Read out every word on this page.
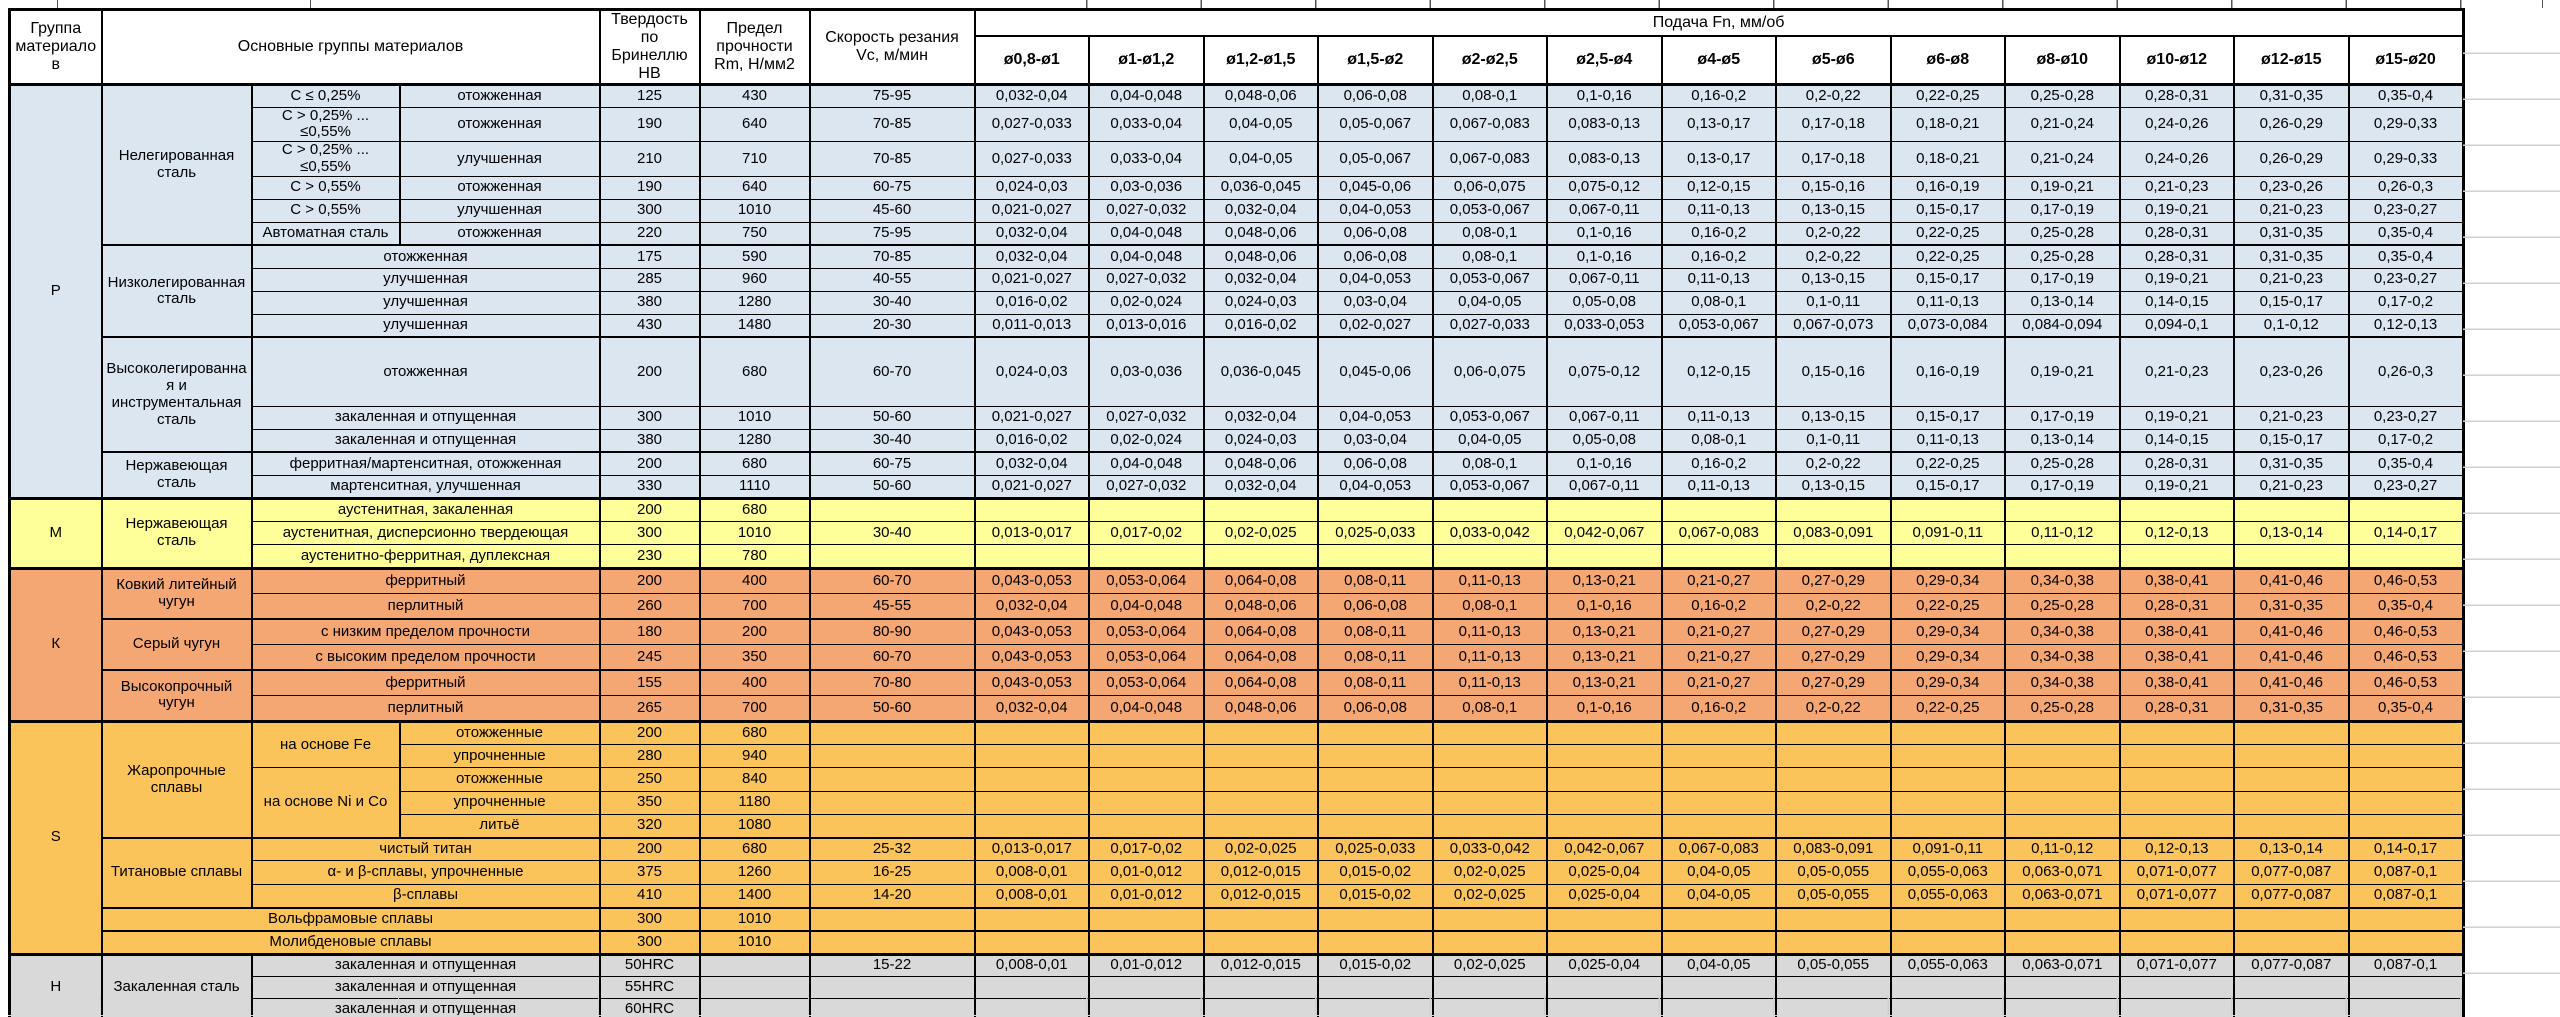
Группа материалов	Основные группы материалов			Твердость по Бринеллю НВ	Предел прочности Rm, Н/мм2	Скорость резания Vc, м/мин	Подача Fn, мм/об												
							ø0,8-ø1	ø1-ø1,2	ø1,2-ø1,5	ø1,5-ø2	ø2-ø2,5	ø2,5-ø4	ø4-ø5	ø5-ø6	ø6-ø8	ø8-ø10	ø10-ø12	ø12-ø15	ø15-ø20
P	Нелегированная сталь	C ≤ 0,25%	отожженная	125	430	75-95	0,032-0,04	0,04-0,048	0,048-0,06	0,06-0,08	0,08-0,1	0,1-0,16	0,16-0,2	0,2-0,22	0,22-0,25	0,25-0,28	0,28-0,31	0,31-0,35	0,35-0,4
		C > 0,25% ... ≤0,55%	отожженная	190	640	70-85	0,027-0,033	0,033-0,04	0,04-0,05	0,05-0,067	0,067-0,083	0,083-0,13	0,13-0,17	0,17-0,18	0,18-0,21	0,21-0,24	0,24-0,26	0,26-0,29	0,29-0,33
		C > 0,25% ... ≤0,55%	улучшенная	210	710	70-85	0,027-0,033	0,033-0,04	0,04-0,05	0,05-0,067	0,067-0,083	0,083-0,13	0,13-0,17	0,17-0,18	0,18-0,21	0,21-0,24	0,24-0,26	0,26-0,29	0,29-0,33
		C > 0,55%	отожженная	190	640	60-75	0,024-0,03	0,03-0,036	0,036-0,045	0,045-0,06	0,06-0,075	0,075-0,12	0,12-0,15	0,15-0,16	0,16-0,19	0,19-0,21	0,21-0,23	0,23-0,26	0,26-0,3
		C > 0,55%	улучшенная	300	1010	45-60	0,021-0,027	0,027-0,032	0,032-0,04	0,04-0,053	0,053-0,067	0,067-0,11	0,11-0,13	0,13-0,15	0,15-0,17	0,17-0,19	0,19-0,21	0,21-0,23	0,23-0,27
		Автоматная сталь	отожженная	220	750	75-95	0,032-0,04	0,04-0,048	0,048-0,06	0,06-0,08	0,08-0,1	0,1-0,16	0,16-0,2	0,2-0,22	0,22-0,25	0,25-0,28	0,28-0,31	0,31-0,35	0,35-0,4
	Низколегированная сталь	отожженная		175	590	70-85	0,032-0,04	0,04-0,048	0,048-0,06	0,06-0,08	0,08-0,1	0,1-0,16	0,16-0,2	0,2-0,22	0,22-0,25	0,25-0,28	0,28-0,31	0,31-0,35	0,35-0,4
		улучшенная		285	960	40-55	0,021-0,027	0,027-0,032	0,032-0,04	0,04-0,053	0,053-0,067	0,067-0,11	0,11-0,13	0,13-0,15	0,15-0,17	0,17-0,19	0,19-0,21	0,21-0,23	0,23-0,27
		улучшенная		380	1280	30-40	0,016-0,02	0,02-0,024	0,024-0,03	0,03-0,04	0,04-0,05	0,05-0,08	0,08-0,1	0,1-0,11	0,11-0,13	0,13-0,14	0,14-0,15	0,15-0,17	0,17-0,2
		улучшенная		430	1480	20-30	0,011-0,013	0,013-0,016	0,016-0,02	0,02-0,027	0,027-0,033	0,033-0,053	0,053-0,067	0,067-0,073	0,073-0,084	0,084-0,094	0,094-0,1	0,1-0,12	0,12-0,13
	Высоколегированная и инструментальная сталь	отожженная		200	680	60-70	0,024-0,03	0,03-0,036	0,036-0,045	0,045-0,06	0,06-0,075	0,075-0,12	0,12-0,15	0,15-0,16	0,16-0,19	0,19-0,21	0,21-0,23	0,23-0,26	0,26-0,3
		закаленная и отпущенная		300	1010	50-60	0,021-0,027	0,027-0,032	0,032-0,04	0,04-0,053	0,053-0,067	0,067-0,11	0,11-0,13	0,13-0,15	0,15-0,17	0,17-0,19	0,19-0,21	0,21-0,23	0,23-0,27
		закаленная и отпущенная		380	1280	30-40	0,016-0,02	0,02-0,024	0,024-0,03	0,03-0,04	0,04-0,05	0,05-0,08	0,08-0,1	0,1-0,11	0,11-0,13	0,13-0,14	0,14-0,15	0,15-0,17	0,17-0,2
	Нержавеющая сталь	ферритная/мартенситная, отожженная		200	680	60-75	0,032-0,04	0,04-0,048	0,048-0,06	0,06-0,08	0,08-0,1	0,1-0,16	0,16-0,2	0,2-0,22	0,22-0,25	0,25-0,28	0,28-0,31	0,31-0,35	0,35-0,4
		мартенситная, улучшенная		330	1110	50-60	0,021-0,027	0,027-0,032	0,032-0,04	0,04-0,053	0,053-0,067	0,067-0,11	0,11-0,13	0,13-0,15	0,15-0,17	0,17-0,19	0,19-0,21	0,21-0,23	0,23-0,27
M	Нержавеющая сталь	аустенитная, закаленная		200	680														
		аустенитная, дисперсионно твердеющая		300	1010	30-40	0,013-0,017	0,017-0,02	0,02-0,025	0,025-0,033	0,033-0,042	0,042-0,067	0,067-0,083	0,083-0,091	0,091-0,11	0,11-0,12	0,12-0,13	0,13-0,14	0,14-0,17
		аустенитно-ферритная, дуплексная		230	780														
К	Ковкий литейный чугун	ферритный		200	400	60-70	0,043-0,053	0,053-0,064	0,064-0,08	0,08-0,11	0,11-0,13	0,13-0,21	0,21-0,27	0,27-0,29	0,29-0,34	0,34-0,38	0,38-0,41	0,41-0,46	0,46-0,53
		перлитный		260	700	45-55	0,032-0,04	0,04-0,048	0,048-0,06	0,06-0,08	0,08-0,1	0,1-0,16	0,16-0,2	0,2-0,22	0,22-0,25	0,25-0,28	0,28-0,31	0,31-0,35	0,35-0,4
	Серый чугун	с низким пределом прочности		180	200	80-90	0,043-0,053	0,053-0,064	0,064-0,08	0,08-0,11	0,11-0,13	0,13-0,21	0,21-0,27	0,27-0,29	0,29-0,34	0,34-0,38	0,38-0,41	0,41-0,46	0,46-0,53
		с высоким пределом прочности		245	350	60-70	0,043-0,053	0,053-0,064	0,064-0,08	0,08-0,11	0,11-0,13	0,13-0,21	0,21-0,27	0,27-0,29	0,29-0,34	0,34-0,38	0,38-0,41	0,41-0,46	0,46-0,53
	Высокопрочный чугун	ферритный		155	400	70-80	0,043-0,053	0,053-0,064	0,064-0,08	0,08-0,11	0,11-0,13	0,13-0,21	0,21-0,27	0,27-0,29	0,29-0,34	0,34-0,38	0,38-0,41	0,41-0,46	0,46-0,53
		перлитный		265	700	50-60	0,032-0,04	0,04-0,048	0,048-0,06	0,06-0,08	0,08-0,1	0,1-0,16	0,16-0,2	0,2-0,22	0,22-0,25	0,25-0,28	0,28-0,31	0,31-0,35	0,35-0,4
S	Жаропрочные сплавы	на основе Fe	отожженные	200	680														
			упрочненные	280	940														
		на основе Ni и Co	отожженные	250	840														
			упрочненные	350	1180														
			литьё	320	1080														
	Титановые сплавы	чистый титан		200	680	25-32	0,013-0,017	0,017-0,02	0,02-0,025	0,025-0,033	0,033-0,042	0,042-0,067	0,067-0,083	0,083-0,091	0,091-0,11	0,11-0,12	0,12-0,13	0,13-0,14	0,14-0,17
		α- и β-сплавы, упрочненные		375	1260	16-25	0,008-0,01	0,01-0,012	0,012-0,015	0,015-0,02	0,02-0,025	0,025-0,04	0,04-0,05	0,05-0,055	0,055-0,063	0,063-0,071	0,071-0,077	0,077-0,087	0,087-0,1
		β-сплавы		410	1400	14-20	0,008-0,01	0,01-0,012	0,012-0,015	0,015-0,02	0,02-0,025	0,025-0,04	0,04-0,05	0,05-0,055	0,055-0,063	0,063-0,071	0,071-0,077	0,077-0,087	0,087-0,1
	Вольфрамовые сплавы			300	1010														
	Молибденовые сплавы			300	1010														
Н	Закаленная сталь	закаленная и отпущенная		50HRC		15-22	0,008-0,01	0,01-0,012	0,012-0,015	0,015-0,02	0,02-0,025	0,025-0,04	0,04-0,05	0,05-0,055	0,055-0,063	0,063-0,071	0,071-0,077	0,077-0,087	0,087-0,1
		закаленная и отпущенная		55HRC															
